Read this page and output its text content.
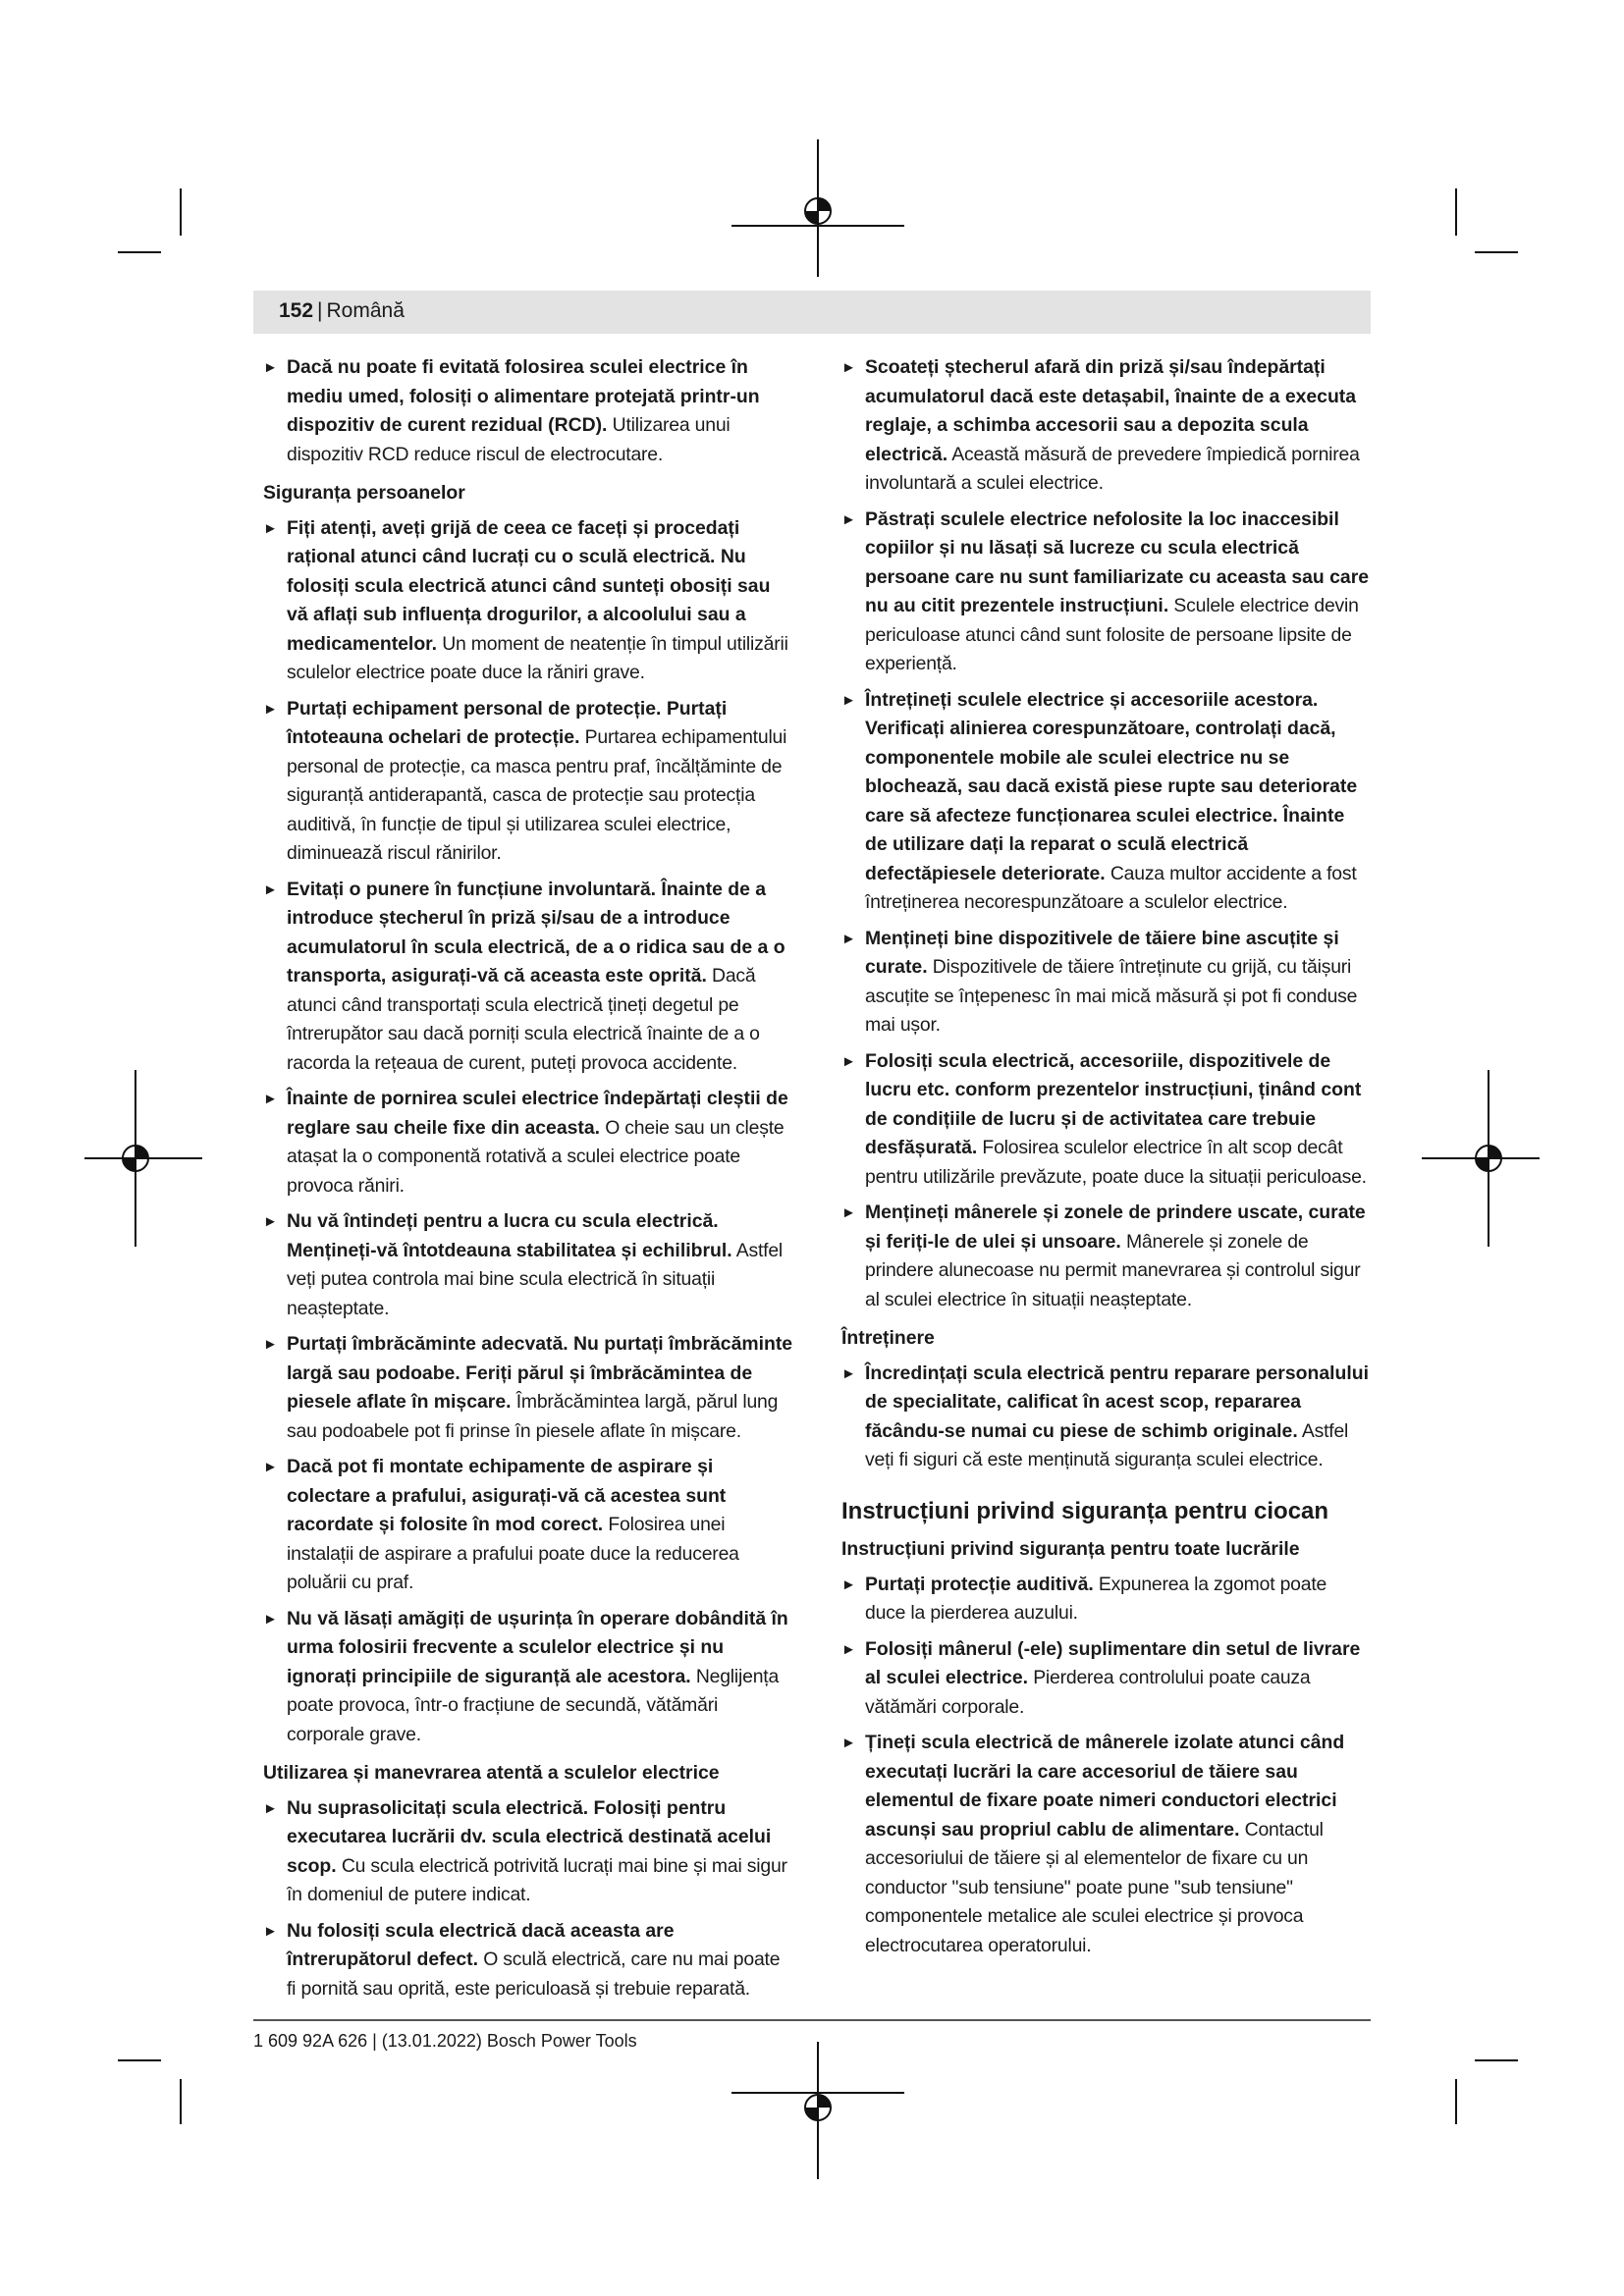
152 | Română
► Dacă nu poate fi evitată folosirea sculei electrice în mediu umed, folosiți o alimentare protejată printr-un dispozitiv de curent rezidual (RCD). Utilizarea unui dispozitiv RCD reduce riscul de electrocutare.
Siguranța persoanelor
► Fiți atenți, aveți grijă de ceea ce faceți și procedați rațional atunci când lucrați cu o sculă electrică. Nu folosiți scula electrică atunci când sunteți obosiți sau vă aflați sub influența drogurilor, a alcoolului sau a medicamentelor. Un moment de neatenție în timpul utilizării sculelor electrice poate duce la răniri grave.
► Purtați echipament personal de protecție. Purtați întoteauna ochelari de protecție. Purtarea echipamentului personal de protecție, ca masca pentru praf, încălțăminte de siguranță antiderapantă, casca de protecție sau protecția auditivă, în funcție de tipul și utilizarea sculei electrice, diminuează riscul rănirilor.
► Evitați o punere în funcțiune involuntară. Înainte de a introduce ștecherul în priză și/sau de a introduce acumulatorul în scula electrică, de a o ridica sau de a o transporta, asigurați-vă că aceasta este oprită. Dacă atunci când transportați scula electrică țineți degetul pe întrerupător sau dacă porniți scula electrică înainte de a o racorda la rețeaua de curent, puteți provoca accidente.
► Înainte de pornirea sculei electrice îndepărtați cleștii de reglare sau cheile fixe din aceasta. O cheie sau un clește atașat la o componentă rotativă a sculei electrice poate provoca răniri.
► Nu vă întindeți pentru a lucra cu scula electrică. Mențineți-vă întotdeauna stabilitatea și echilibrul. Astfel veți putea controla mai bine scula electrică în situații neașteptate.
► Purtați îmbrăcăminte adecvată. Nu purtați îmbrăcăminte largă sau podoabe. Feriți părul și îmbrăcămintea de piesele aflate în mișcare. Îmbrăcămintea largă, părul lung sau podoabele pot fi prinse în piesele aflate în mișcare.
► Dacă pot fi montate echipamente de aspirare și colectare a prafului, asigurați-vă că acestea sunt racordate și folosite în mod corect. Folosirea unei instalații de aspirare a prafului poate duce la reducerea poluării cu praf.
► Nu vă lăsați amăgiți de ușurința în operare dobândită în urma folosirii frecvente a sculelor electrice și nu ignorați principiile de siguranță ale acestora. Neglijența poate provoca, într-o fracțiune de secundă, vătămări corporale grave.
Utilizarea și manevrarea atentă a sculelor electrice
► Nu suprasolicitați scula electrică. Folosiți pentru executarea lucrării dv. scula electrică destinată acelui scop. Cu scula electrică potrivită lucrați mai bine și mai sigur în domeniul de putere indicat.
► Nu folosiți scula electrică dacă aceasta are întrerupătorul defect. O sculă electrică, care nu mai poate fi pornită sau oprită, este periculoasă și trebuie reparată.
► Scoateți ștecherul afară din priză și/sau îndepărtați acumulatorul dacă este detașabil, înainte de a executa reglaje, a schimba accesorii sau a depozita scula electrică. Această măsură de prevedere împiedică pornirea involuntară a sculei electrice.
► Păstrați sculele electrice nefolosite la loc inaccesibil copiilor și nu lăsați să lucreze cu scula electrică persoane care nu sunt familiarizate cu aceasta sau care nu au citit prezentele instrucțiuni. Sculele electrice devin periculoase atunci când sunt folosite de persoane lipsite de experiență.
► Întrețineți sculele electrice și accesoriile acestora. Verificați alinierea corespunzătoare, controlați dacă, componentele mobile ale sculei electrice nu se blochează, sau dacă există piese rupte sau deteriorate care să afecteze funcționarea sculei electrice. Înainte de utilizare dați la reparat o sculă electrică defectăpiesele deteriorate. Cauza multor accidente a fost întreținerea necorespunzătoare a sculelor electrice.
► Mențineți bine dispozitivele de tăiere bine ascuțite și curate. Dispozitivele de tăiere întreținute cu grijă, cu tăișuri ascuțite se înțepenesc în mai mică măsură și pot fi conduse mai ușor.
► Folosiți scula electrică, accesoriile, dispozitivele de lucru etc. conform prezentelor instrucțiuni, ținând cont de condițiile de lucru și de activitatea care trebuie desfășurată. Folosirea sculelor electrice în alt scop decât pentru utilizările prevăzute, poate duce la situații periculoase.
► Mențineți mânerele și zonele de prindere uscate, curate și feriți-le de ulei și unsoare. Mânerele și zonele de prindere alunecoase nu permit manevrarea și controlul sigur al sculei electrice în situații neașteptate.
Întreținere
► Încredințați scula electrică pentru reparare personalului de specialitate, calificat în acest scop, repararea făcându-se numai cu piese de schimb originale. Astfel veți fi siguri că este menținută siguranța sculei electrice.
Instrucțiuni privind siguranța pentru ciocan
Instrucțiuni privind siguranța pentru toate lucrările
► Purtați protecție auditivă. Expunerea la zgomot poate duce la pierderea auzului.
► Folosiți mânerul (-ele) suplimentare din setul de livrare al sculei electrice. Pierderea controlului poate cauza vătămări corporale.
► Țineți scula electrică de mânerele izolate atunci când executați lucrări la care accesoriul de tăiere sau elementul de fixare poate nimeri conductori electrici ascunși sau propriul cablu de alimentare. Contactul accesoriului de tăiere și al elementelor de fixare cu un conductor "sub tensiune" poate pune "sub tensiune" componentele metalice ale sculei electrice și provoca electrocutarea operatorului.
1 609 92A 626 | (13.01.2022) Bosch Power Tools
